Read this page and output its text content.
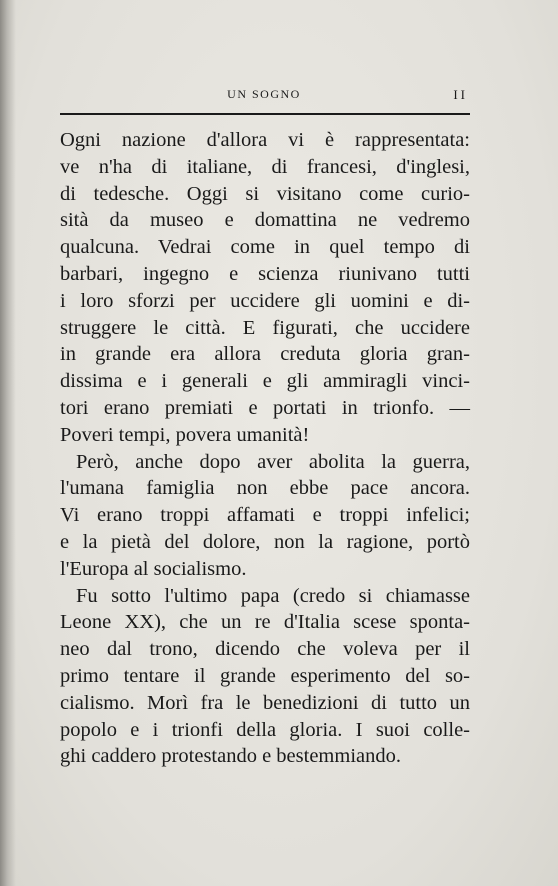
UN SOGNO	II
Ogni nazione d'allora vi è rappresentata:
ve n'ha di italiane, di francesi, d'inglesi,
di tedesche. Oggi si visitano come curio-
sità da museo e domattina ne vedremo
qualcuna. Vedrai come in quel tempo di
barbari, ingegno e scienza riunivano tutti
i loro sforzi per uccidere gli uomini e di-
struggere le città. E figurati, che uccidere
in grande era allora creduta gloria gran-
dissima e i generali e gli ammiragli vinci-
tori erano premiati e portati in trionfo. —
Poveri tempi, povera umanità!
Però, anche dopo aver abolita la guerra,
l'umana famiglia non ebbe pace ancora.
Vi erano troppi affamati e troppi infelici;
e la pietà del dolore, non la ragione, portò
l'Europa al socialismo.
Fu sotto l'ultimo papa (credo si chiamasse
Leone XX), che un re d'Italia scese sponta-
neo dal trono, dicendo che voleva per il
primo tentare il grande esperimento del so-
cialismo. Morì fra le benedizioni di tutto un
popolo e i trionfi della gloria. I suoi colle-
ghi caddero protestando e bestemmiando.
